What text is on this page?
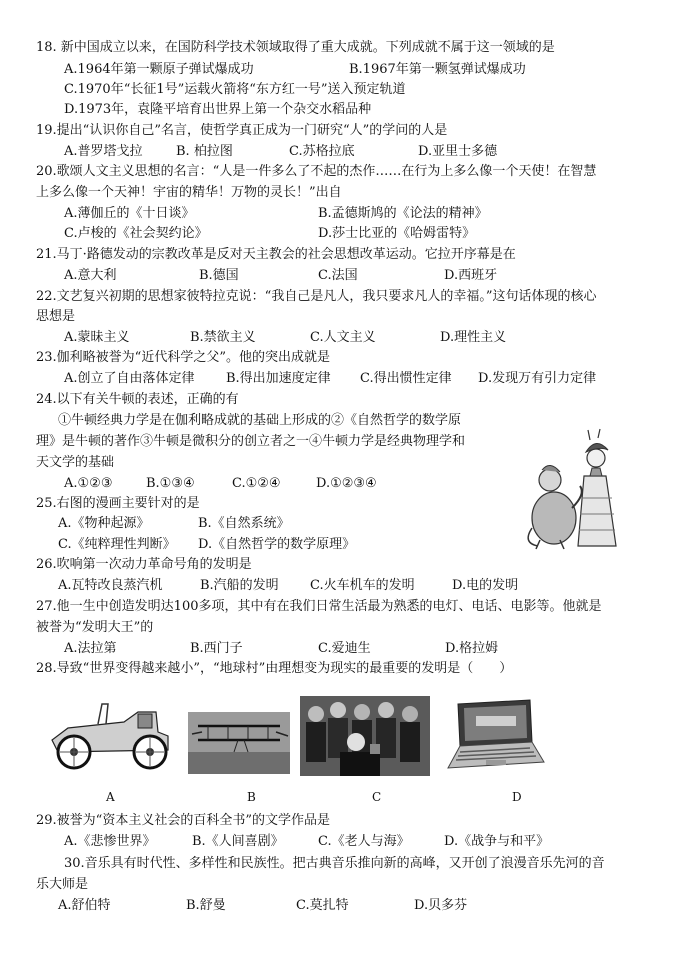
18. 新中国成立以来，在国防科学技术领域取得了重大成就。下列成就不属于这一领域的是
A.1964年第一颗原子弹试爆成功	B.1967年第一颗氢弹试爆成功
C.1970年“长征1号”运载火箭将“东方红一号”送入预定轨道
D.1973年，袁隆平培育出世界上第一个杂交水稻品种
19.提出“认识你自己”名言，使哲学真正成为一门研究“人”的学问的人是
A.普罗塔戈拉	B. 柏拉图	C.苏格拉底	D.亚里士多德
20.歌颂人文主义思想的名言：“人是一件多么了不起的杰作……在行为上多么像一个天使！在智慧
上多么像一个天神！宇宙的精华！万物的灵长！”出自
A.薄伽丘的《十日谈》	B.孟德斯鸠的《论法的精神》
C.卢梭的《社会契约论》	D.莎士比亚的《哈姆雷特》
21.马丁·路德发动的宗教改革是反对天主教会的社会思想改革运动。它拉开序幕是在
A.意大利	B.德国	C.法国	D.西班牙
22.文艺复兴初期的思想家彼特拉克说：“我自己是凡人，我只要求凡人的幸福。”这句话体现的核心
思想是
A.蒙昧主义	B.禁欲主义	C.人文主义	D.理性主义
23.伽利略被誉为“近代科学之父”。他的突出成就是
A.创立了自由落体定律 B.得出加速度定律 C.得出惯性定律 D.发现万有引力定律
24.以下有关牛顿的表述，正确的有
①牛顿经典力学是在伽利略成就的基础上形成的②《自然哲学的数学原
理》是牛顿的著作③牛顿是微积分的创立者之一④牛顿力学是经典物理学和
天文学的基础
A.①②③	B.①③④	C.①②④	D.①②③④
25.右图的漫画主要针对的是
A.《物种起源》	B.《自然系统》
C.《纯粹理性判断》 D.《自然哲学的数学原理》
26.吹响第一次动力革命号角的发明是
A.瓦特改良蒸汽机	B.汽船的发明 C.火车机车的发明	D.电的发明
27.他一生中创造发明达100多项，其中有在我们日常生活最为熟悉的电灯、电话、电影等。他就是
被誉为“发明大王”的
A.法拉第	B.西门子	C.爱迪生	D.格拉姆
28.导致“世界变得越来越小”，“地球村”由理想变为现实的最重要的发明是（　　）
A	B	C	D
29.被誉为“资本主义社会的百科全书”的文学作品是
A.《悲惨世界》	B.《人间喜剧》	C.《老人与海》	D.《战争与和平》
30.音乐具有时代性、多样性和民族性。把古典音乐推向新的高峰，又开创了浪漫音乐先河的音
乐大师是
A.舒伯特	B.舒曼	C.莫扎特	D.贝多芬
